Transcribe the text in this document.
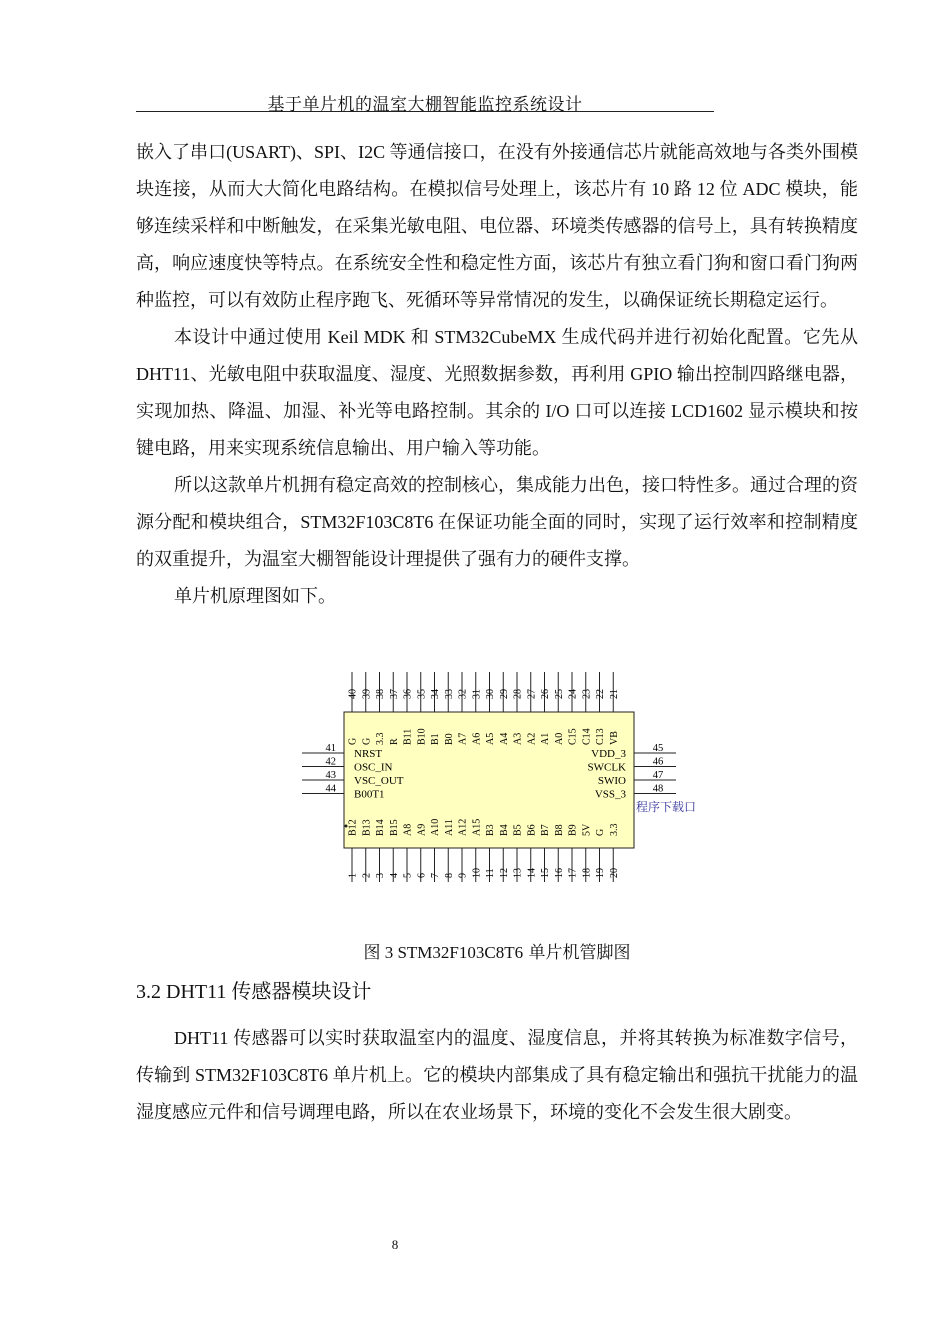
基于单片机的温室大棚智能监控系统设计

嵌入了串口(USART)、SPI、I2C 等通信接口，在没有外接通信芯片就能高效地与各类外围模块连接，从而大大简化电路结构。在模拟信号处理上，该芯片有 10 路 12 位 ADC 模块，能够连续采样和中断触发，在采集光敏电阻、电位器、环境类传感器的信号上，具有转换精度高，响应速度快等特点。在系统安全性和稳定性方面，该芯片有独立看门狗和窗口看门狗两种监控，可以有效防止程序跑飞、死循环等异常情况的发生，以确保证统长期稳定运行。

本设计中通过使用 Keil MDK 和 STM32CubeMX 生成代码并进行初始化配置。它先从 DHT11、光敏电阻中获取温度、湿度、光照数据参数，再利用 GPIO 输出控制四路继电器，实现加热、降温、加湿、补光等电路控制。其余的 I/O 口可以连接 LCD1602 显示模块和按键电路，用来实现系统信息输出、用户输入等功能。

所以这款单片机拥有稳定高效的控制核心，集成能力出色，接口特性多。通过合理的资源分配和模块组合，STM32F103C8T6 在保证功能全面的同时，实现了运行效率和控制精度的双重提升，为温室大棚智能设计理提供了强有力的硬件支撑。

单片机原理图如下。

40
G
39
G
38
3.3
37
R
36
B11
35
B10
34
B1
33
B0
32
A7
31
A6
30
A5
29
A4
28
A3
27
A2
26
A1
25
A0
24
C15
23
C14
22
C13
21
VB
B12
1
B13
2
B14
3
B15
4
A8
5
A9
6
A10
7
A11
8
A12
9
A15
10
B3
11
B4
12
B5
13
B6
14
B7
15
B8
16
B9
17
5V
18
G
19
3.3
20
41 NRST
42 OSC_IN
43 VSC_OUT
44 B00T1
45
VDD_3
46
SWCLK
47
SWIO
48
VSS_3
程序下载口
图 3 STM32F103C8T6 单片机管脚图
3.2 DHT11 传感器模块设计

DHT11 传感器可以实时获取温室内的温度、湿度信息，并将其转换为标准数字信号，传输到 STM32F103C8T6 单片机上。它的模块内部集成了具有稳定输出和强抗干扰能力的温湿度感应元件和信号调理电路，所以在农业场景下，环境的变化不会发生很大剧变。

8
